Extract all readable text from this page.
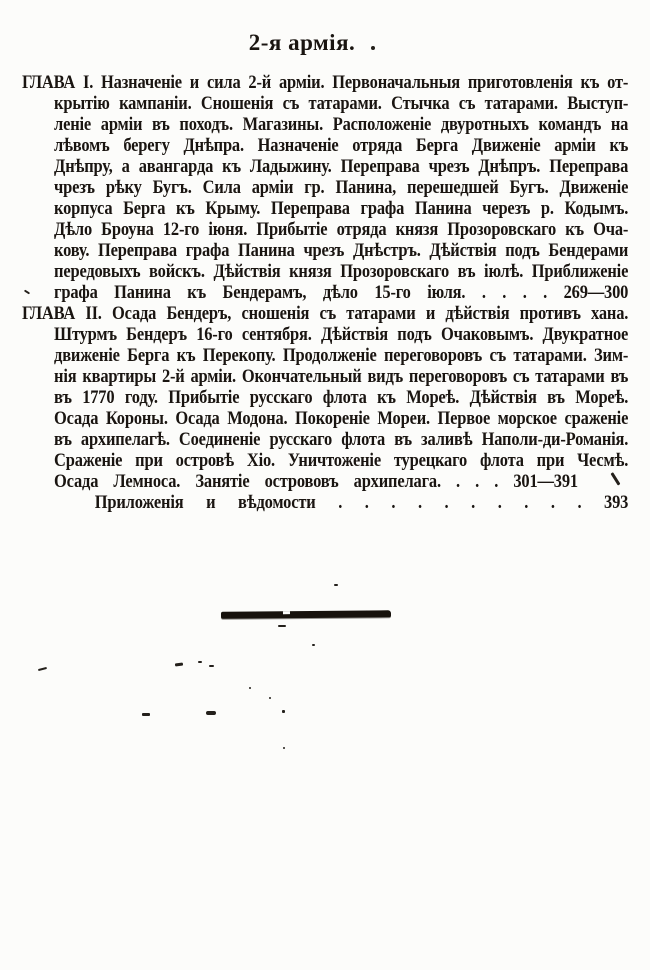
2-я армія.
ГЛАВА I. Назначеніе и сила 2-й арміи. Первоначальныя приготовленія къ от-
крытію кампаніи. Сношенія съ татарами. Стычка съ татарами. Выступ-
леніе арміи въ походъ. Магазины. Расположеніе двуротныхъ командъ на
лѣвомъ берегу Днѣпра. Назначеніе отряда Берга Движеніе арміи къ
Днѣпру, а авангарда къ Ладыжину. Переправа чрезъ Днѣпръ. Переправа
чрезъ рѣку Бугъ. Сила арміи гр. Панина, перешедшей Бугъ. Движеніе
корпуса Берга къ Крыму. Переправа графа Панина черезъ р. Кодымъ.
Дѣло Броуна 12-го іюня. Прибытіе отряда князя Прозоровскаго къ Оча-
кову. Переправа графа Панина чрезъ Днѣстръ. Дѣйствія подъ Бендерами
передовыхъ войскъ. Дѣйствія князя Прозоровскаго въ іюлѣ. Приближеніе
графа Панина къ Бендерамъ, дѣло 15-го іюля. . . . . 269—300
ГЛАВА II. Осада Бендеръ, сношенія съ татарами и дѣйствія противъ хана.
Штурмъ Бендеръ 16-го сентября. Дѣйствія подъ Очаковымъ. Двукратное
движеніе Берга къ Перекопу. Продолженіе переговоровъ съ татарами. Зим-
нія квартиры 2-й арміи. Окончательный видъ переговоровъ съ татарами въ
въ 1770 году. Прибытіе русскаго флота къ Мореѣ. Дѣйствія въ Мореѣ.
Осада Короны. Осада Модона. Покореніе Мореи. Первое морское сраженіе
въ архипелагѣ. Соединеніе русскаго флота въ заливѣ Наполи-ди-Романія.
Сраженіе при островѣ Хіо. Уничтоженіе турецкаго флота при Чесмѣ.
Осада Лемноса. Занятіе острововъ архипелага. . . . 301—391
Приложенія и вѣдомости . . . . . . . . . . 393
